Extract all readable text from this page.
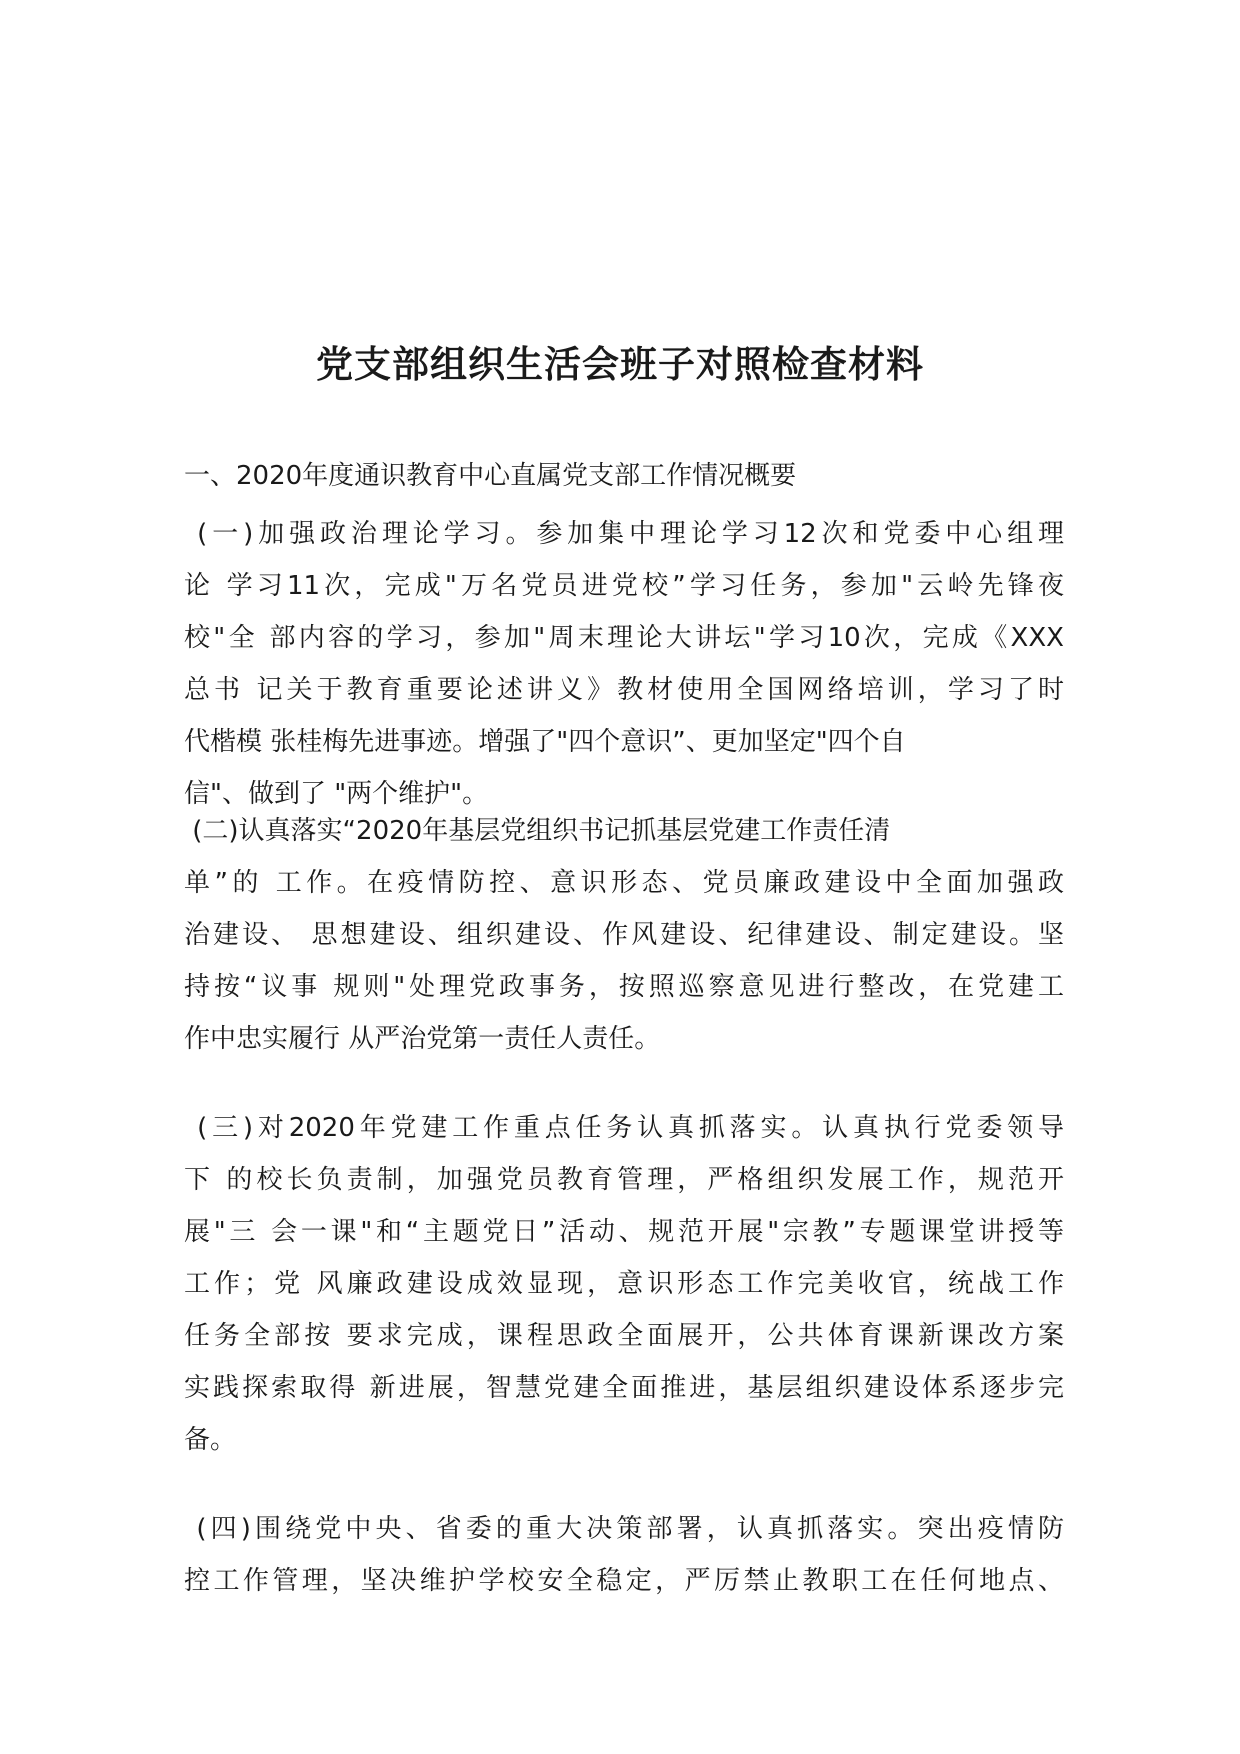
党支部组织生活会班子对照检查材料

一、2020年度通识教育中心直属党支部工作情况概要

(一)加强政治理论学习。参加集中理论学习12次和党委中心组理
论 学习11次，完成"万名党员进党校”学习任务，参加"云岭先锋夜
校"全 部内容的学习，参加"周末理论大讲坛"学习10次，完成《XXX
总书 记关于教育重要论述讲义》教材使用全国网络培训，学习了时
代楷模 张桂梅先进事迹。增强了"四个意识”、更加坚定"四个自
信"、做到了 "两个维护"。
(二)认真落实“2020年基层党组织书记抓基层党建工作责任清
单”的 工作。在疫情防控、意识形态、党员廉政建设中全面加强政
治建设、 思想建设、组织建设、作风建设、纪律建设、制定建设。坚
持按“议事 规则"处理党政事务，按照巡察意见进行整改，在党建工
作中忠实履行 从严治党第一责任人责任。
(三)对2020年党建工作重点任务认真抓落实。认真执行党委领导
下 的校长负责制，加强党员教育管理，严格组织发展工作，规范开
展"三 会一课"和“主题党日”活动、规范开展"宗教”专题课堂讲授等
工作；党 风廉政建设成效显现，意识形态工作完美收官，统战工作
任务全部按 要求完成，课程思政全面展开，公共体育课新课改方案
实践探索取得 新进展，智慧党建全面推进，基层组织建设体系逐步完
备。
(四)围绕党中央、省委的重大决策部署，认真抓落实。突出疫情防
控工作管理，坚决维护学校安全稳定，严厉禁止教职工在任何地点、
